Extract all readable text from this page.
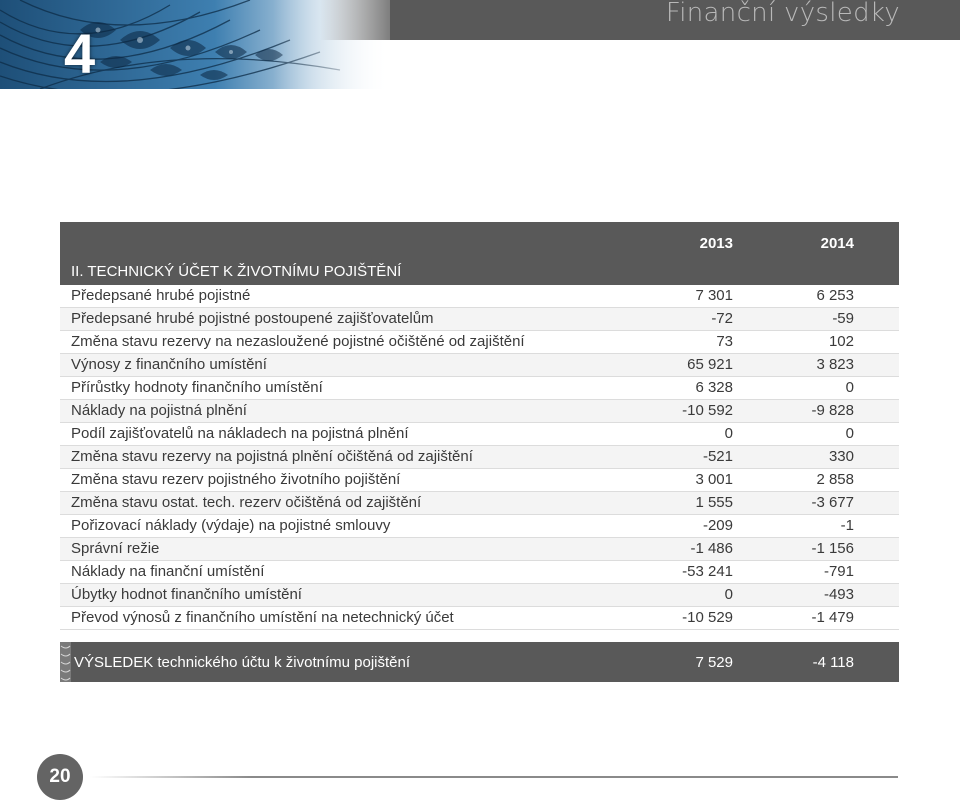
Finanční výsledky
4
2013	2014
II. TECHNICKÝ ÚČET K ŽIVOTNÍMU POJIŠTĚNÍ
Předepsané hrubé pojistné	7 301	6 253
Předepsané hrubé pojistné postoupené zajišťovatelům	-72	-59
Změna stavu rezervy na nezasloužené pojistné očištěné od zajištění	73	102
Výnosy z finančního umístění	65 921	3 823
Přírůstky hodnoty finančního umístění	6 328	0
Náklady na pojistná plnění	-10 592	-9 828
Podíl zajišťovatelů na nákladech na pojistná plnění	0	0
Změna stavu rezervy na pojistná plnění očištěná od zajištění	-521	330
Změna stavu rezerv pojistného životního pojištění	3 001	2 858
Změna stavu ostat. tech. rezerv očištěná od zajištění	1 555	-3 677
Pořizovací náklady (výdaje) na pojistné smlouvy	-209	-1
Správní režie	-1 486	-1 156
Náklady na finanční umístění	-53 241	-791
Úbytky hodnot finančního umístění	0	-493
Převod výnosů z finančního umístění na netechnický účet	-10 529	-1 479
VÝSLEDEK technického účtu k životnímu pojištění	7 529	-4 118
20
